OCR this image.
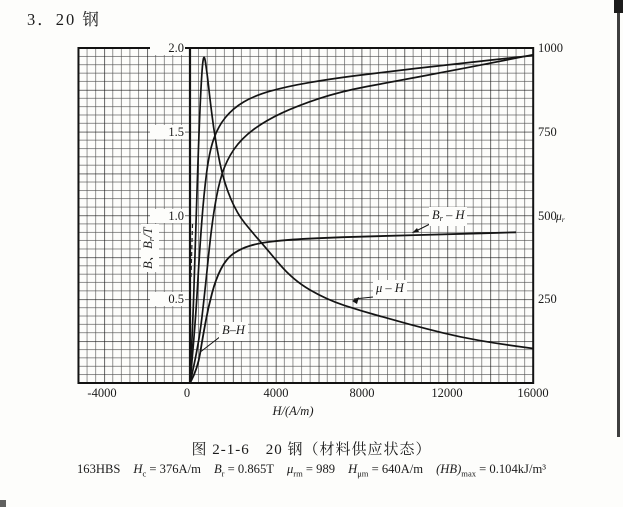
3．20 钢
-4000	0	4000	8000	12000	16000
2.0
1.5
1.0
0.5
1000
750
500
250
H/(A/m)
B、Br/T
μr
B–H
Br – H
μ – H
图 2-1-6　20 钢（材料供应状态）
163HBS $H_c = 376A/m$ $B_r = 0.865T$ $\mu_{rm} = 989$ $H_{\mu m} = 640A/m$ $(HB)_{max} = 0.104kJ/m^3$
